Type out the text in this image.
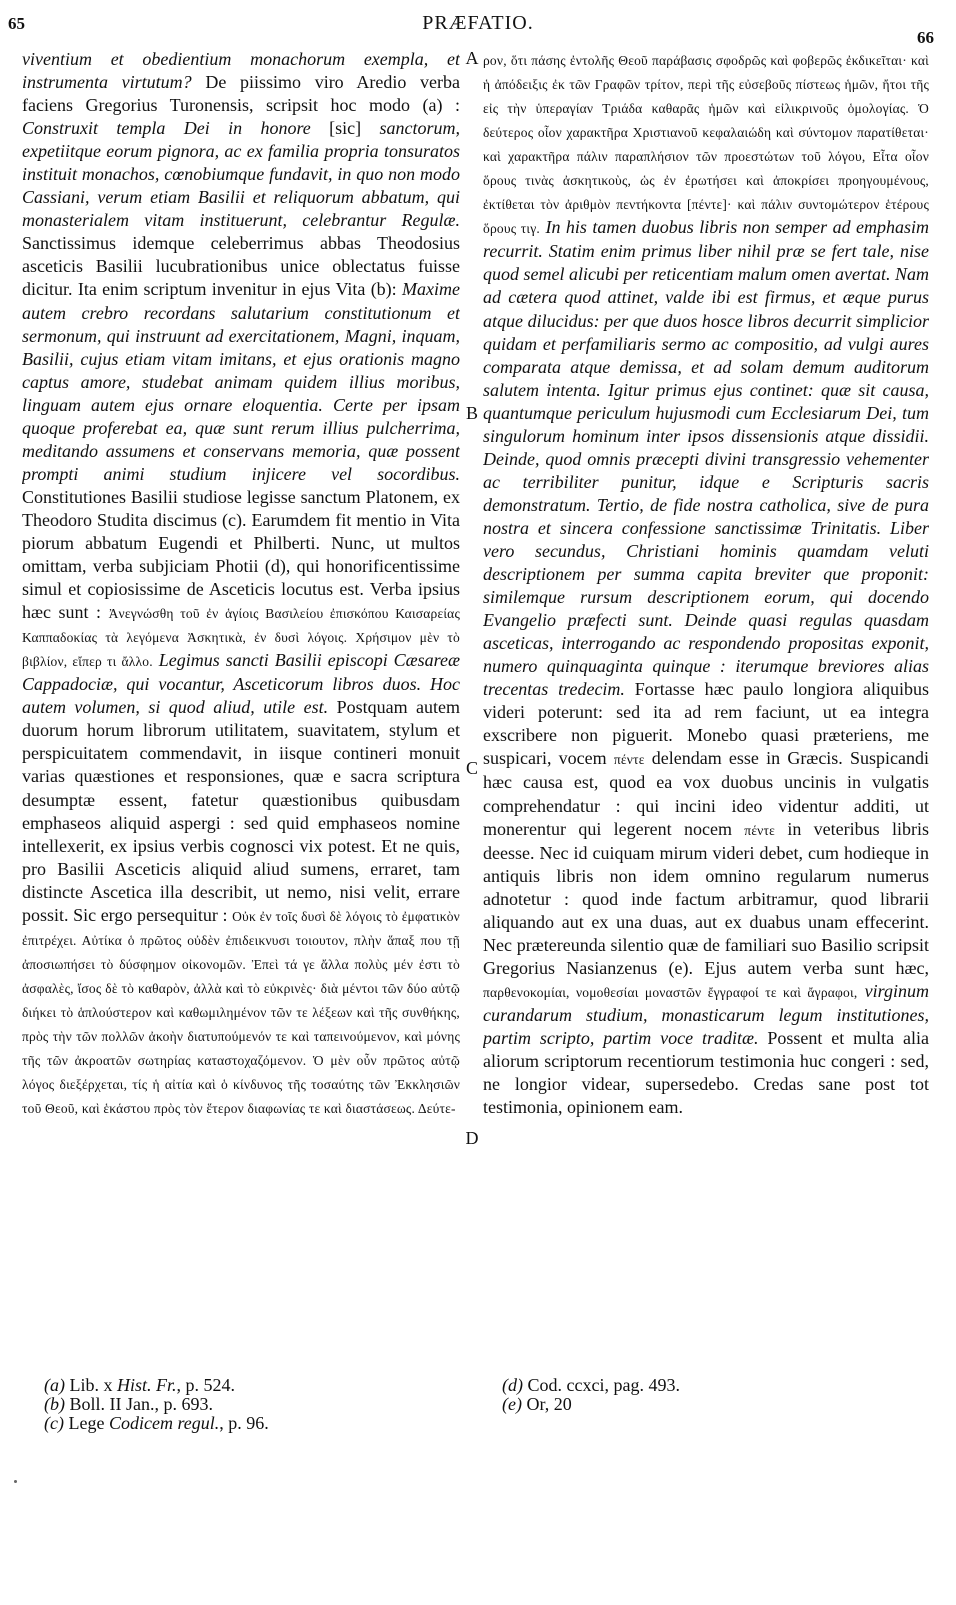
65	PRÆFATIO.
66

viventium et obedientium monachorum exempla, et instrumenta virtutum? De piissimo viro Aredio verba faciens Gregorius Turonensis, scripsit hoc modo (a) : Construxit templa Dei in honore [sic] sanctorum, expetiitque eorum pignora, ac ex familia propria tonsuratos instituit monachos, cœnobiumque fundavit, in quo non modo Cassiani, verum etiam Basilii et reliquorum abbatum, qui monasterialem vitam instituerunt, celebrantur Regulæ. Sanctissimus idemque celeberrimus abbas Theodosius asceticis Basilii lucubrationibus unice oblectatus fuisse dicitur. Ita enim scriptum invenitur in ejus Vita (b): Maxime autem crebro recordans salutarium constitutionum et sermonum, qui instruunt ad exercitationem, Magni, inquam, Basilii, cujus etiam vitam imitans, et ejus orationis magno captus amore, studebat animam quidem illius moribus, linguam autem ejus ornare eloquentia. Certe per ipsam quoque proferebat ea, quæ sunt rerum illius pulcherrima, meditando assumens et conservans memoria, quæ possent prompti animi studium injicere vel socordibus. Constitutiones Basilii studiose legisse sanctum Platonem, ex Theodoro Studita discimus (c). Earumdem fit mentio in Vita piorum abbatum Eugendi et Philberti. Nunc, ut multos omittam, verba subjiciam Photii (d), qui honorificentissime simul et copiosissime de Asceticis locutus est. Verba ipsius hæc sunt : Ἀνεγνώσθη τοῦ ἐν ἁγίοις Βασιλείου ἐπισκόπου Καισαρείας Καππαδοκίας τὰ λεγόμενα Ἀσκητικὰ, ἐν δυσὶ λόγοις. Χρήσιμον μὲν τὸ βιβλίον, εἴπερ τι ἄλλο. Legimus sancti Basilii episcopi Cæsareæ Cappadociæ, qui vocantur, Asceticorum libros duos. Hoc autem volumen, si quod aliud, utile est. Postquam autem duorum horum librorum utilitatem, suavitatem, stylum et perspicuitatem commendavit, in iisque contineri monuit varias quæstiones et responsiones, quæ e sacra scriptura desumptæ essent, fatetur quæstionibus quibusdam emphaseos aliquid aspergi : sed quid emphaseos nomine intellexerit, ex ipsius verbis cognosci vix potest. Et ne quis, pro Basilii Asceticis aliquid aliud sumens, erraret, tam distincte Ascetica illa describit, ut nemo, nisi velit, errare possit. Sic ergo persequitur : Οὐκ ἐν τοῖς δυσὶ δὲ λόγοις τὸ ἐμφατικὸν ἐπιτρέχει. Αὐτίκα ὁ πρῶτος οὐδὲν ἐπιδεικνυσι τοιουτον, πλὴν ἅπαξ που τῇ ἀποσιωπήσει τὸ δύσφημον οἰκονομῶν. Ἐπεὶ τά γε ἄλλα πολὺς μέν ἐστι τὸ ἀσφαλὲς, ἴσος δὲ τὸ καθαρὸν, ἀλλὰ καὶ τὸ εὐκρινὲς· διὰ μέντοι τῶν δύο αὐτῷ διήκει τὸ ἁπλούστερον καὶ καθωμιλημένον τῶν τε λέξεων καὶ τῆς συνθήκης, πρὸς τὴν τῶν πολλῶν ἀκοὴν διατυπούμενόν τε καὶ ταπεινούμενον, καὶ μόνης τῆς τῶν ἀκροατῶν σωτηρίας καταστοχαζόμενον. Ὁ μὲν οὖν πρῶτος αὐτῷ λόγος διεξέρχεται, τίς ἡ αἰτία καὶ ὁ κίνδυνος τῆς τοσαύτης τῶν Ἐκκλησιῶν τοῦ Θεοῦ, καὶ ἑκάστου πρὸς τὸν ἕτερον διαφωνίας τε καὶ διαστάσεως. Δεύτε-

A
B
C
D

ρον, ὅτι πάσης ἐντολῆς Θεοῦ παράβασις σφοδρῶς καὶ φοβερῶς ἐκδικεῖται· καὶ ἡ ἀπόδειξις ἐκ τῶν Γραφῶν τρίτον, περὶ τῆς εὐσεβοῦς πίστεως ἡμῶν, ἤτοι τῆς εἰς τὴν ὑπεραγίαν Τριάδα καθαρᾶς ἡμῶν καὶ εἰλικρινοῦς ὁμολογίας. Ὁ δεύτερος οἷον χαρακτῆρα Χριστιανοῦ κεφαλαιώδη καὶ σύντομον παρατίθεται· καὶ χαρακτῆρα πάλιν παραπλήσιον τῶν προεστώτων τοῦ λόγου, Εἶτα οἷον ὅρους τινὰς ἀσκητικοὺς, ὡς ἐν ἐρωτήσει καὶ ἀποκρίσει προηγουμένους, ἐκτίθεται τὸν ἀριθμὸν πεντήκοντα [πέντε]· καὶ πάλιν συντομώτερον ἑτέρους ὅρους τιγ. In his tamen duobus libris non semper ad emphasim recurrit. Statim enim primus liber nihil præ se fert tale, nise quod semel alicubi per reticentiam malum omen avertat. Nam ad cætera quod attinet, valde ibi est firmus, et æque purus atque dilucidus: per que duos hosce libros decurrit simplicior quidam et perfamiliaris sermo ac compositio, ad vulgi aures comparata atque demissa, et ad solam demum auditorum salutem intenta. Igitur primus ejus continet: quæ sit causa, quantumque periculum hujusmodi cum Ecclesiarum Dei, tum singulorum hominum inter ipsos dissensionis atque dissidii. Deinde, quod omnis præcepti divini transgressio vehementer ac terribiliter punitur, idque e Scripturis sacris demonstratum. Tertio, de fide nostra catholica, sive de pura nostra et sincera confessione sanctissimæ Trinitatis. Liber vero secundus, Christiani hominis quamdam veluti descriptionem per summa capita breviter que proponit: similemque rursum descriptionem eorum, qui docendo Evangelio præfecti sunt. Deinde quasi regulas quasdam asceticas, interrogando ac respondendo propositas exponit, numero quinquaginta quinque : iterumque breviores alias trecentas tredecim. Fortasse hæc paulo longiora aliquibus videri poterunt: sed ita ad rem faciunt, ut ea integra exscribere non piguerit. Monebo quasi præteriens, me suspicari, vocem πέντε delendam esse in Græcis. Suspicandi hæc causa est, quod ea vox duobus uncinis in vulgatis comprehendatur : qui incini ideo videntur additi, ut monerentur qui legerent nocem πέντε in veteribus libris deesse. Nec id cuiquam mirum videri debet, cum hodieque in antiquis libris non idem omnino regularum numerus adnotetur : quod inde factum arbitramur, quod librarii aliquando aut ex una duas, aut ex duabus unam effecerint. Nec prætereunda silentio quæ de familiari suo Basilio scripsit Gregorius Nasianzenus (e). Ejus autem verba sunt hæc, παρθενοκομίαι, νομοθεσίαι μοναστῶν ἔγγραφοί τε καὶ ἄγραφοι, virginum curandarum studium, monasticarum legum institutiones, partim scripto, partim voce traditæ. Possent et multa alia aliorum scriptorum recentiorum testimonia huc congeri : sed, ne longior videar, supersedebo. Credas sane post tot testimonia, opinionem eam.

(a) Lib. x Hist. Fr., p. 524.
(b) Boll. II Jan., p. 693.
(c) Lege Codicem regul., p. 96.
(d) Cod. ccxci, pag. 493.
(e) Or, 20
